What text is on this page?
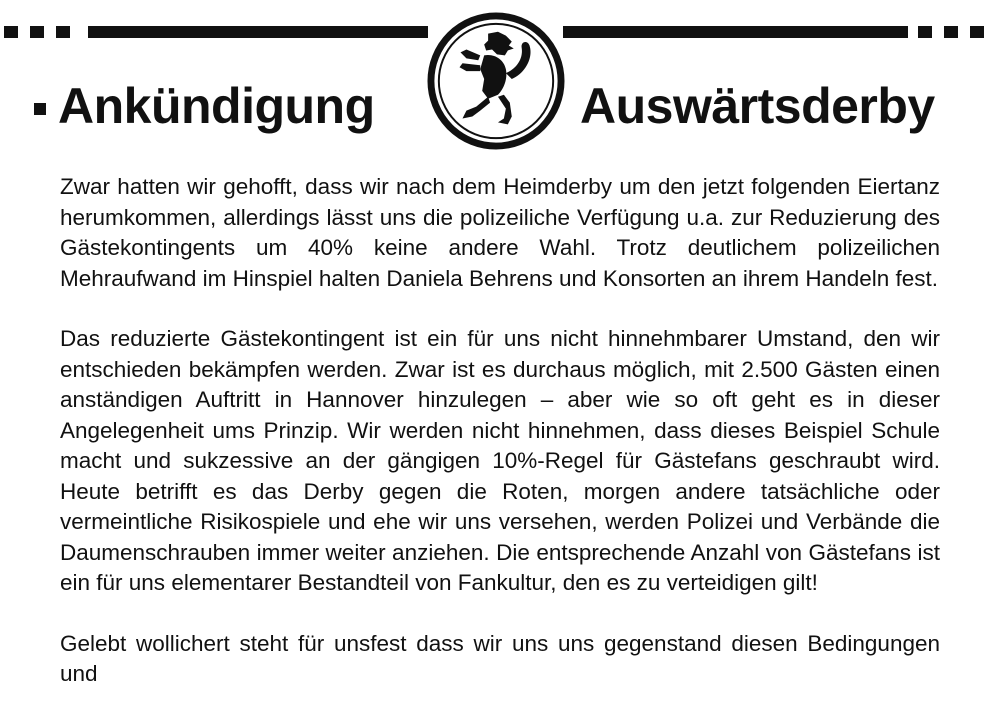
Ankündigung	Auswärtsderby

Zwar hatten wir gehofft, dass wir nach dem Heimderby um den jetzt folgenden Eiertanz herumkommen, allerdings lässt uns die polizeiliche Verfügung u.a. zur Reduzierung des Gästekontingents um 40% keine andere Wahl. Trotz deutlichem polizeilichen Mehraufwand im Hinspiel halten Daniela Behrens und Konsorten an ihrem Handeln fest.

Das reduzierte Gästekontingent ist ein für uns nicht hinnehmbarer Umstand, den wir entschieden bekämpfen werden. Zwar ist es durchaus möglich, mit 2.500 Gästen einen anständigen Auftritt in Hannover hinzulegen – aber wie so oft geht es in dieser Angelegenheit ums Prinzip. Wir werden nicht hinnehmen, dass dieses Beispiel Schule macht und sukzessive an der gängigen 10%-Regel für Gästefans geschraubt wird. Heute betrifft es das Derby gegen die Roten, morgen andere tatsächliche oder vermeintliche Risikospiele und ehe wir uns versehen, werden Polizei und Verbände die Daumenschrauben immer weiter anziehen. Die entsprechende Anzahl von Gästefans ist ein für uns elementarer Bestandteil von Fankultur, den es zu verteidigen gilt!

Gelebt wollichert steht für unsfest dass wir uns uns gegenstand diesen Bedingungen und
